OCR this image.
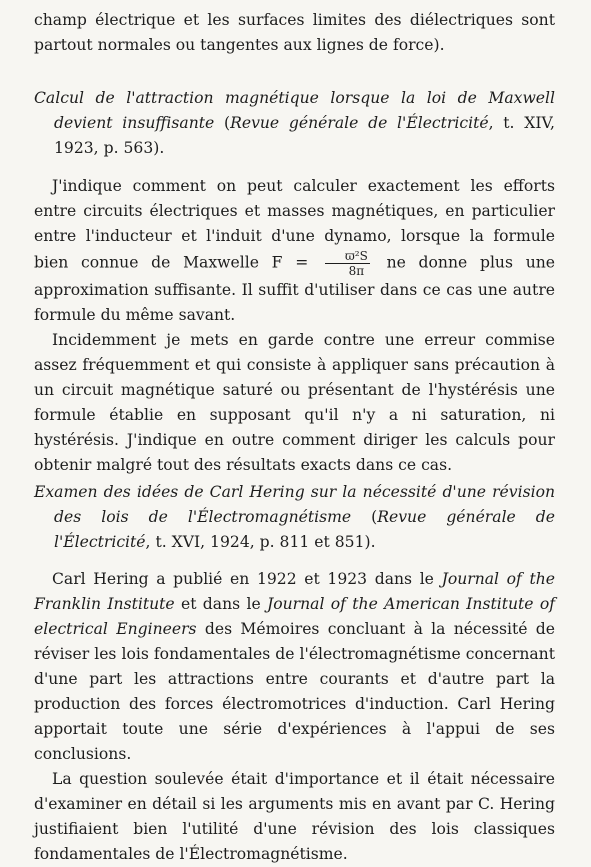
champ électrique et les surfaces limites des diélectriques sont partout normales ou tangentes aux lignes de force).

Calcul de l'attraction magnétique lorsque la loi de Maxwell devient insuffisante (Revue générale de l'Électricité, t. XIV, 1923, p. 563).

J'indique comment on peut calculer exactement les efforts entre circuits électriques et masses magnétiques, en particulier entre l'inducteur et l'induit d'une dynamo, lorsque la formule bien connue de Maxwelle $F = \frac{\text{ϖ²S}}{8\pi}$ ne donne plus une approximation suffisante. Il suffit d'utiliser dans ce cas une autre formule du même savant.

Incidemment je mets en garde contre une erreur commise assez fréquemment et qui consiste à appliquer sans précaution à un circuit magnétique saturé ou présentant de l'hystérésis une formule établie en supposant qu'il n'y a ni saturation, ni hystérésis. J'indique en outre comment diriger les calculs pour obtenir malgré tout des résultats exacts dans ce cas.

Examen des idées de Carl Hering sur la nécessité d'une révision des lois de l'Électromagnétisme (Revue générale de l'Électricité, t. XVI, 1924, p. 811 et 851).

Carl Hering a publié en 1922 et 1923 dans le Journal of the Franklin Institute et dans le Journal of the American Institute of electrical Engineers des Mémoires concluant à la nécessité de réviser les lois fondamentales de l'électromagnétisme concernant d'une part les attractions entre courants et d'autre part la production des forces électromotrices d'induction. Carl Hering apportait toute une série d'expériences à l'appui de ses conclusions.

La question soulevée était d'importance et il était nécessaire d'examiner en détail si les arguments mis en avant par C. Hering justifiaient bien l'utilité d'une révision des lois classiques fondamentales de l'Électromagnétisme.
